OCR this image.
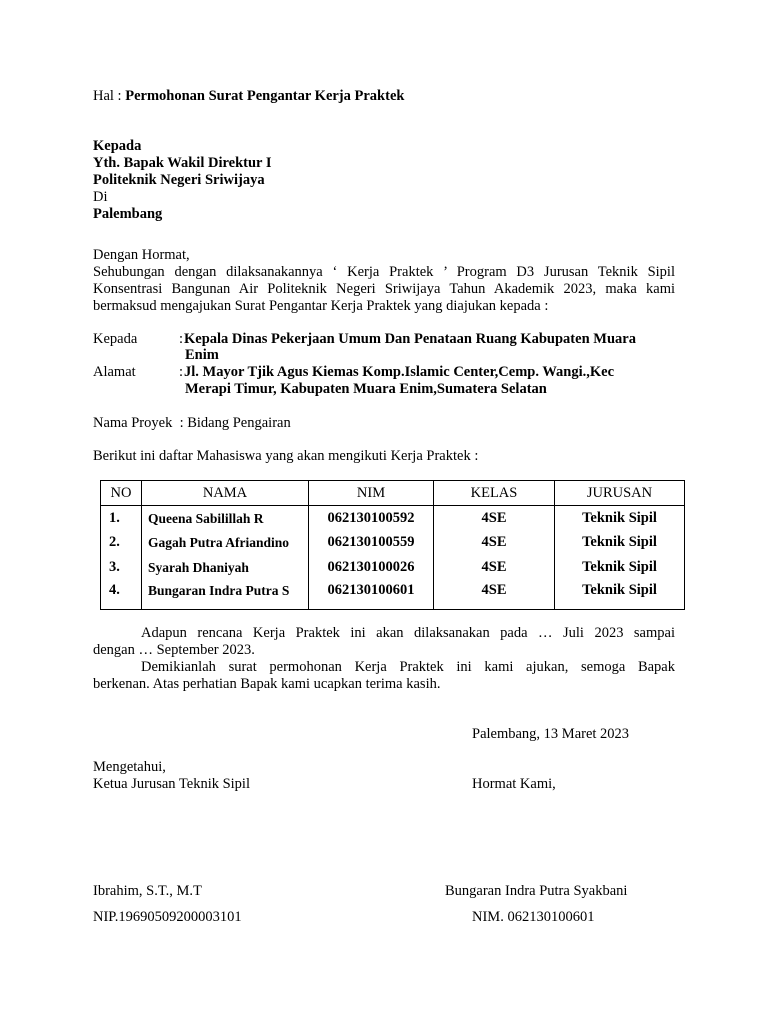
Hal : Permohonan Surat Pengantar Kerja Praktek
Kepada
Yth. Bapak Wakil Direktur I
Politeknik Negeri Sriwijaya
Di
Palembang
Dengan Hormat,
Sehubungan dengan dilaksanakannya ‘ Kerja Praktek ’ Program D3 Jurusan Teknik Sipil
Konsentrasi Bangunan Air Politeknik Negeri Sriwijaya Tahun Akademik 2023, maka kami
bermaksud mengajukan Surat Pengantar Kerja Praktek yang diajukan kepada :
Kepada	: Kepala Dinas Pekerjaan Umum Dan Penataan Ruang Kabupaten Muara
Enim
Alamat	: Jl. Mayor Tjik Agus Kiemas Komp.Islamic Center,Cemp. Wangi.,Kec
Merapi Timur, Kabupaten Muara Enim,Sumatera Selatan
Nama Proyek  : Bidang Pengairan
Berikut ini daftar Mahasiswa yang akan mengikuti Kerja Praktek :
NO	NAMA	NIM	KELAS	JURUSAN
1.	Queena Sabilillah R	062130100592	4SE	Teknik Sipil
2.	Gagah Putra Afriandino	062130100559	4SE	Teknik Sipil
3.	Syarah Dhaniyah	062130100026	4SE	Teknik Sipil
4.	Bungaran Indra Putra S	062130100601	4SE	Teknik Sipil
Adapun rencana Kerja Praktek ini akan dilaksanakan pada … Juli 2023 sampai
dengan … September 2023.
Demikianlah surat permohonan Kerja Praktek ini kami ajukan, semoga Bapak
berkenan. Atas perhatian Bapak kami ucapkan terima kasih.
Palembang, 13 Maret 2023
Mengetahui,
Ketua Jurusan Teknik Sipil	Hormat Kami,
Ibrahim, S.T., M.T	Bungaran Indra Putra Syakbani
NIP.19690509200003101	NIM. 062130100601
